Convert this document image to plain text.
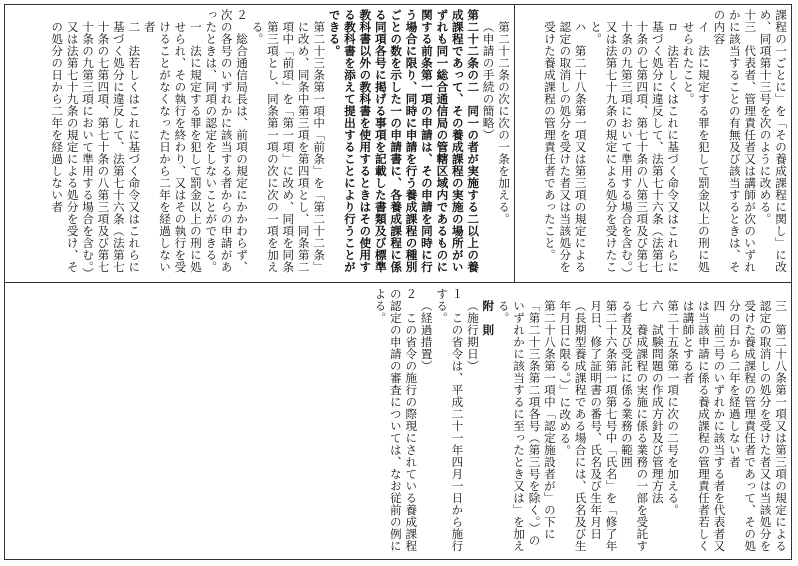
課程の一ごとに」を「その養成課程に関し」に改め、同項第十三号を次のように改める。

十三　代表者、管理責任者又は講師が次のいずれかに該当することの有無及び該当するときは、その内容

イ　法に規定する罪を犯して罰金以上の刑に処せられたこと。

ロ　法若しくはこれに基づく命令又はこれらに基づく処分に違反して、法第七十六条（法第七十条の七第四項、第七十条の八第三項及び第七十条の九第三項において準用する場合を含む。）又は法第七十九条の規定による処分を受けたこと。

ハ　第二十八条第一項又は第三項の規定による認定の取消しの処分を受けた者又は当該処分を受けた養成課程の管理責任者であったこと。

第二十二条の次に次の一条を加える。

（申請の手続の簡略）

第二十二条の二　同一の者が実施する二以上の養成課程であって、その養成課程の実施の場所がいずれも同一総合通信局の管轄区域内であるものに関する前条第一項の申請は、その申請を同時に行う場合に限り、同時に申請を行う養成課程の種別ごとの数を示した一の申請書に、各養成課程に係る同項各号に掲げる事項を記載した書類及び標準教科書以外の教科書を使用するときはその使用する教科書を添えて提出することにより行うことができる。

第二十三条第一項中「前条」を「第二十二条」に改め、同条中第三項を第四項とし、同条第二項中「前項」を「第一項」に改め、同項を同条第三項とし、同条第一項の次に次の一項を加える。

２　総合通信局長は、前項の規定にかかわらず、次の各号のいずれかに該当する者からの申請があったときは、同項の認定をしないことができる。

一　法に規定する罪を犯して罰金以上の刑に処せられ、その執行を終わり、又はその執行を受けることがなくなった日から二年を経過しない者

二　法若しくはこれに基づく命令又はこれらに基づく処分に違反して、法第七十六条（法第七十条の七第四項、第七十条の八第三項及び第七十条の九第三項において準用する場合を含む。）又は法第七十九条の規定による処分を受け、その処分の日から二年を経過しない者

三　第二十八条第一項又は第三項の規定による認定の取消しの処分を受けた者又は当該処分を受けた養成課程の管理責任者であって、その処分の日から二年を経過しない者

四　前三号のいずれかに該当する者を代表者又は当該申請に係る養成課程の管理責任者若しくは講師とする者

第二十五条第一項に次の二号を加える。

六　試験問題の作成方針及び管理方法

七　養成課程の実施に係る業務の一部を受託する者及び受託に係る業務の範囲

第二十六条第一項第七号中「氏名」を「修了年月日、修了証明書の番号、氏名及び生年月日（長期型養成課程である場合には、氏名及び生年月日に限る。）」に改める。

第二十八条第一項中「認定施設者が」の下に「第二十三条第二項各号（第三号を除く。）のいずれかに該当するに至ったとき又は」を加える。

附　則

（施行期日）

１　この省令は、平成二十一年四月一日から施行する。

（経過措置）

２　この省令の施行の際現にされている養成課程の認定の申請の審査については、なお従前の例による。
